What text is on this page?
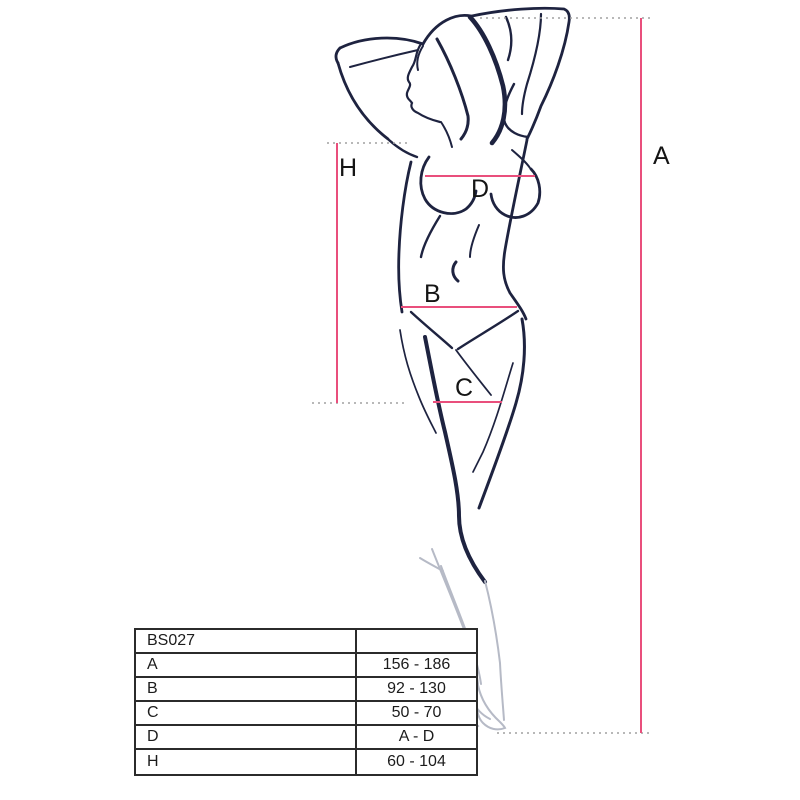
A
H
D
B
C
BS027
A	156 - 186
B	92 - 130
C	50 - 70
D	A - D
H	60 - 104
